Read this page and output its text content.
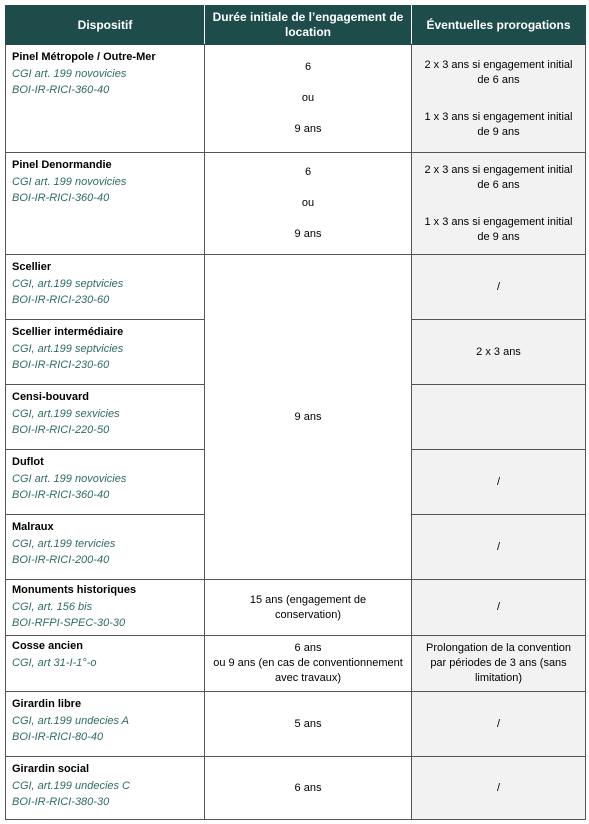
Dispositif	Durée initiale de l’engagement de location	Éventuelles prorogations

Pinel Métropole / Outre-Mer
CGI art. 199 novovicies
BOI-IR-RICI-360-40	6
ou
9 ans	2 x 3 ans si engagement initial de 6 ans
1 x 3 ans si engagement initial de 9 ans

Pinel Denormandie
CGI art. 199 novovicies
BOI-IR-RICI-360-40	6
ou
9 ans	2 x 3 ans si engagement initial de 6 ans
1 x 3 ans si engagement initial de 9 ans

Scellier
CGI, art.199 septvicies
BOI-IR-RICI-230-60	9 ans	/

Scellier intermédiaire
CGI, art.199 septvicies
BOI-IR-RICI-230-60		2 x 3 ans

Censi-bouvard
CGI, art.199 sexvicies
BOI-IR-RICI-220-50		

Duflot
CGI art. 199 novovicies
BOI-IR-RICI-360-40		/

Malraux
CGI, art.199 tervicies
BOI-IR-RICI-200-40		/

Monuments historiques
CGI, art. 156 bis
BOI-RFPI-SPEC-30-30	15 ans (engagement de conservation)	/

Cosse ancien
CGI, art 31-I-1°-o	6 ans
ou 9 ans (en cas de conventionnement avec travaux)	Prolongation de la convention par périodes de 3 ans (sans limitation)

Girardin libre
CGI, art.199 undecies A
BOI-IR-RICI-80-40	5 ans	/

Girardin social
CGI, art.199 undecies C
BOI-IR-RICI-380-30	6 ans	/
